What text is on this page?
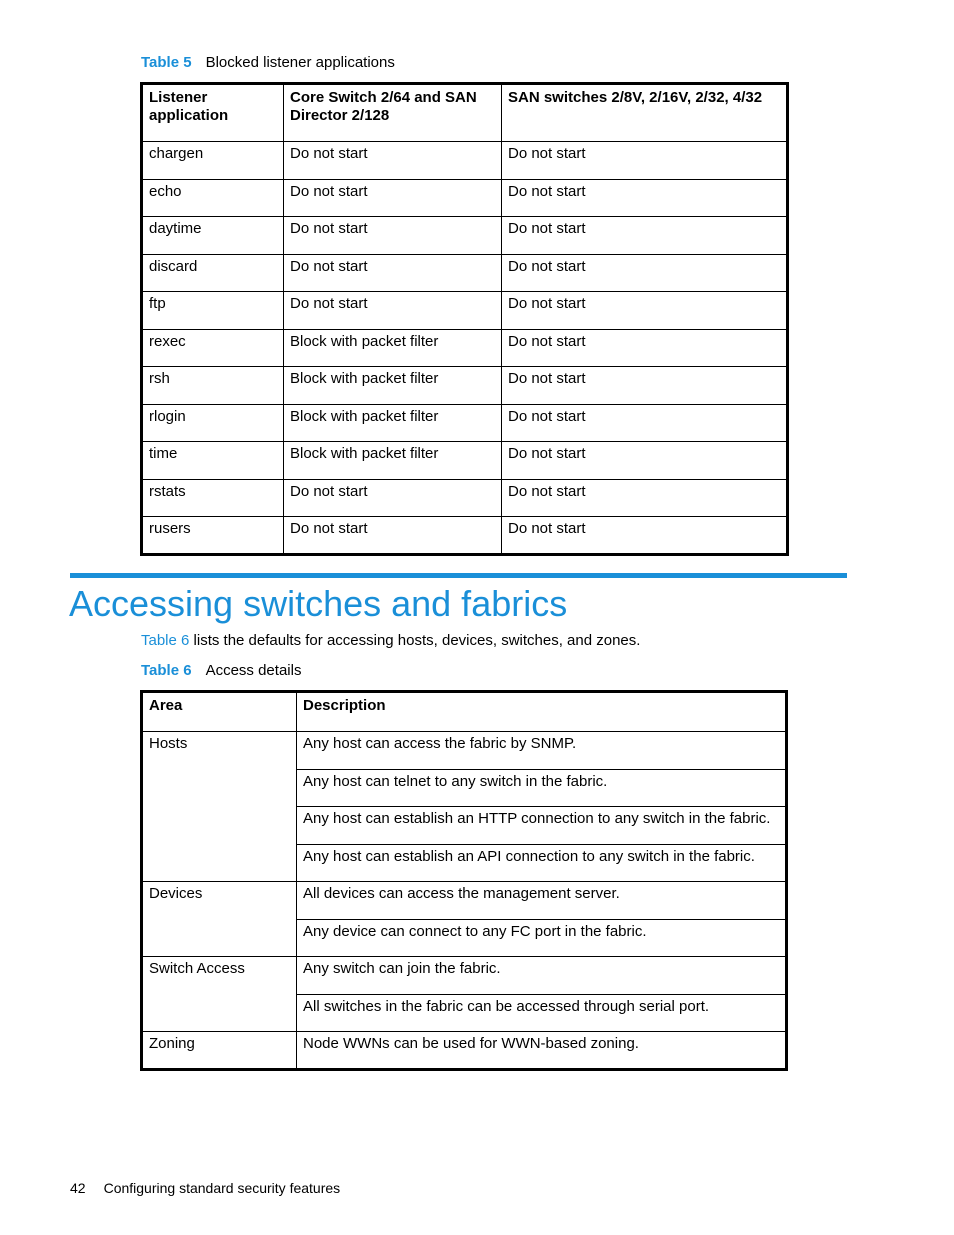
Table 5 Blocked listener applications
Listener application	Core Switch 2/64 and SAN Director 2/128	SAN switches 2/8V, 2/16V, 2/32, 4/32
chargen	Do not start	Do not start
echo	Do not start	Do not start
daytime	Do not start	Do not start
discard	Do not start	Do not start
ftp	Do not start	Do not start
rexec	Block with packet filter	Do not start
rsh	Block with packet filter	Do not start
rlogin	Block with packet filter	Do not start
time	Block with packet filter	Do not start
rstats	Do not start	Do not start
rusers	Do not start	Do not start
Accessing switches and fabrics
Table 6 lists the defaults for accessing hosts, devices, switches, and zones.
Table 6 Access details
Area	Description
Hosts	Any host can access the fabric by SNMP.
	Any host can telnet to any switch in the fabric.
	Any host can establish an HTTP connection to any switch in the fabric.
	Any host can establish an API connection to any switch in the fabric.
Devices	All devices can access the management server.
	Any device can connect to any FC port in the fabric.
Switch Access	Any switch can join the fabric.
	All switches in the fabric can be accessed through serial port.
Zoning	Node WWNs can be used for WWN-based zoning.
42 Configuring standard security features
